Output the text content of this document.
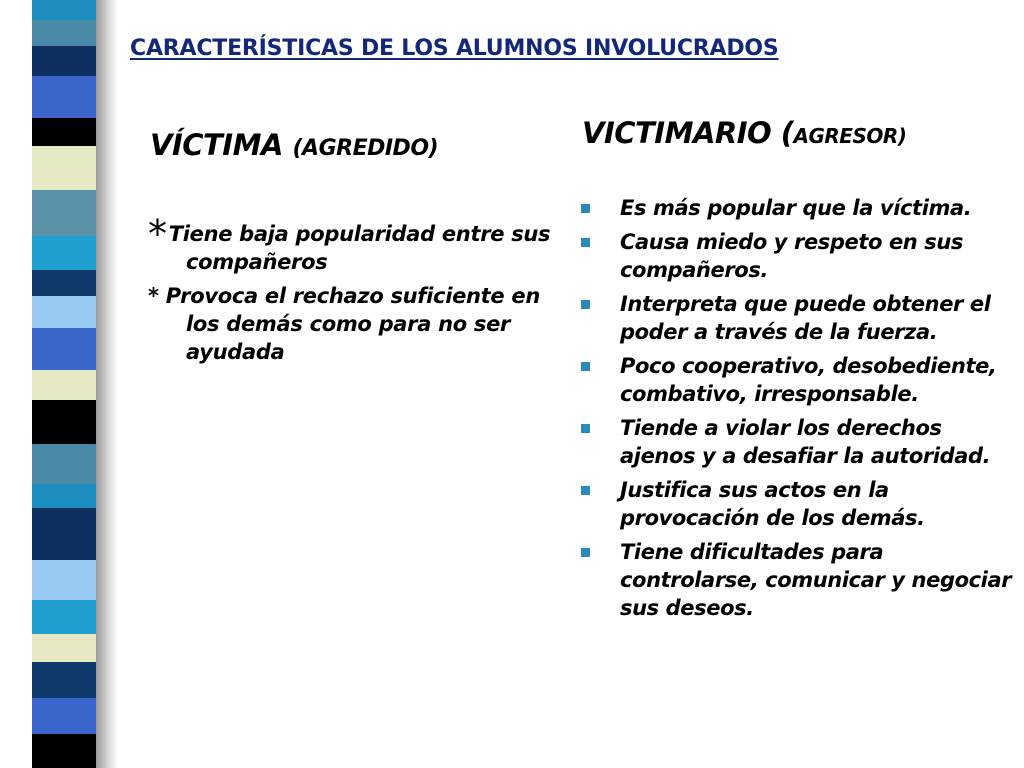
CARACTERÍSTICAS DE LOS ALUMNOS INVOLUCRADOS
VÍCTIMA (AGREDIDO)

*Tiene baja popularidad entre sus compañeros

* Provoca el rechazo suficiente en los demás como para no ser ayudada

VICTIMARIO (AGRESOR)
Es más popular que la víctima.
Causa miedo y respeto en sus compañeros.
Interpreta que puede obtener el poder a través de la fuerza.
Poco cooperativo, desobediente, combativo, irresponsable.
Tiende a violar los derechos ajenos y a desafiar la autoridad.
Justifica sus actos en la provocación de los demás.
Tiene dificultades para controlarse, comunicar y negociar sus deseos.
